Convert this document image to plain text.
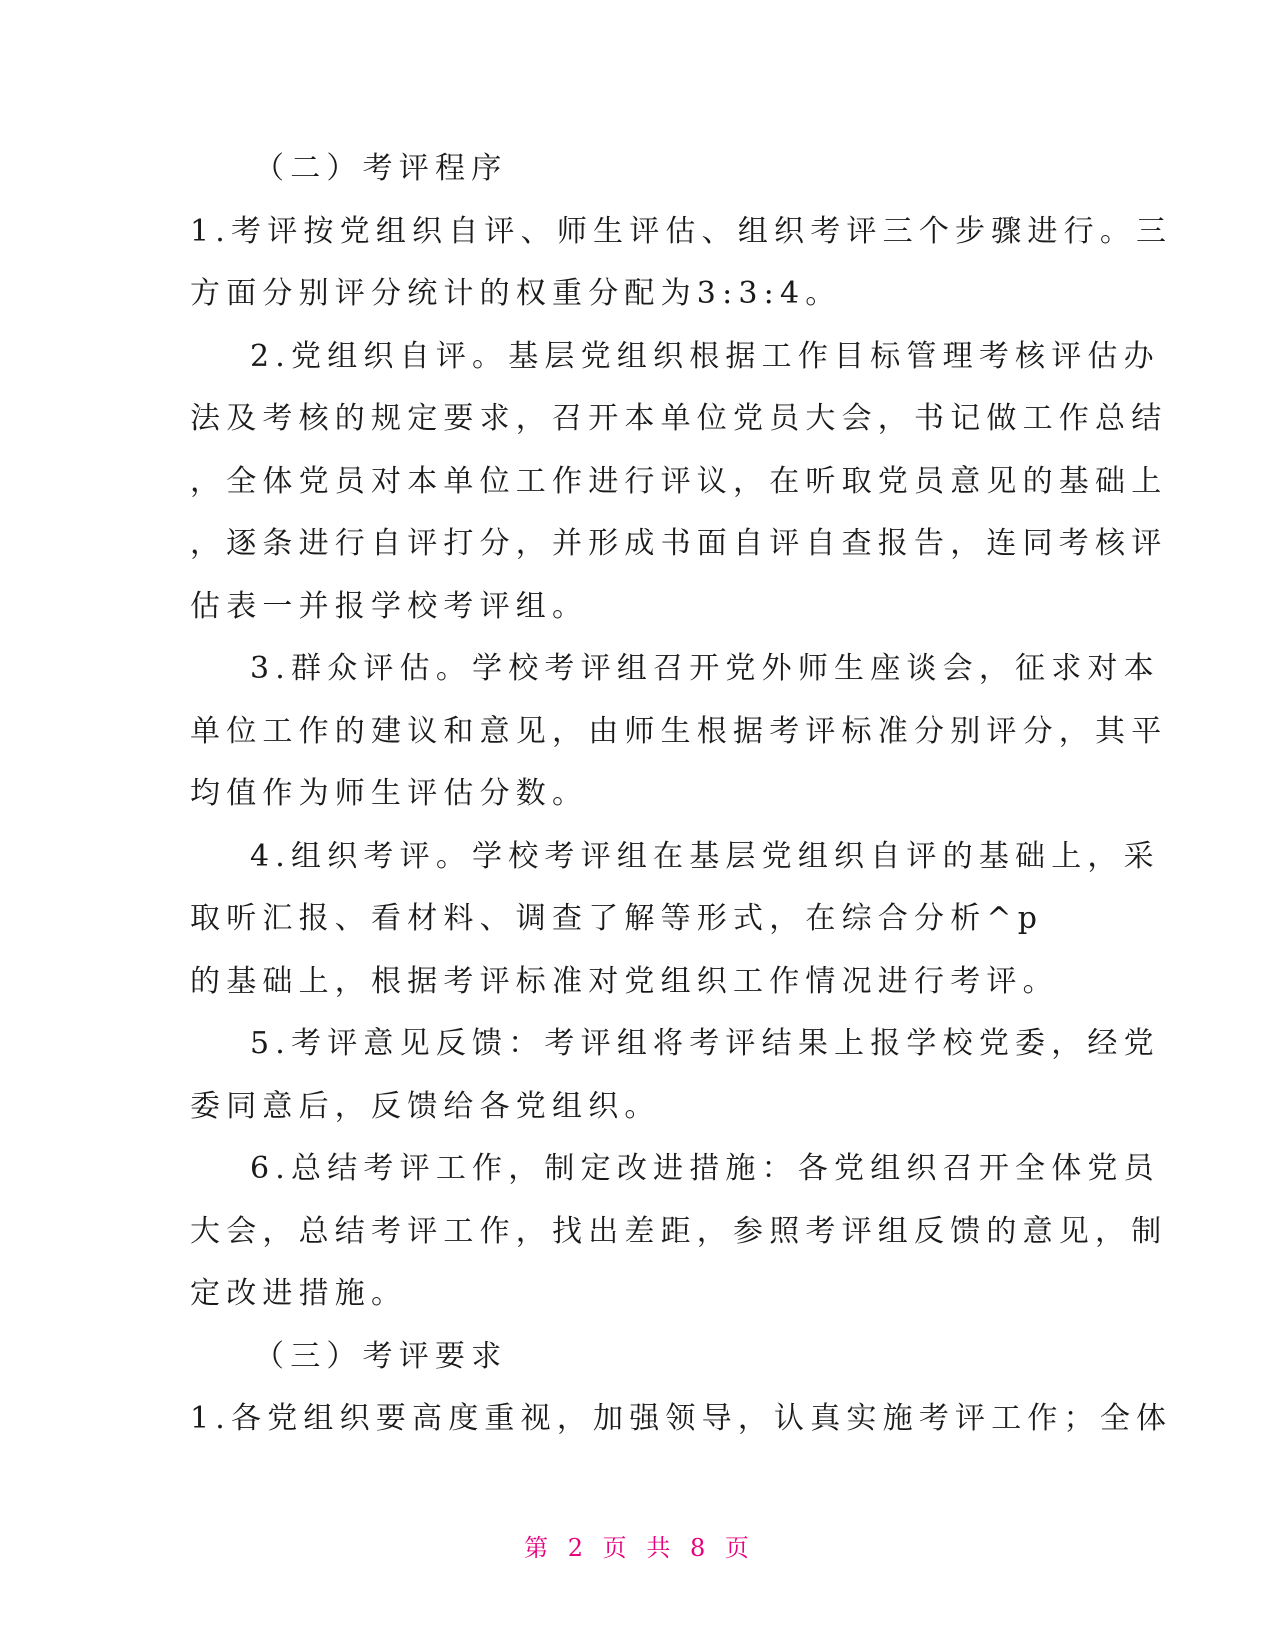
（二）考评程序
1.考评按党组织自评、师生评估、组织考评三个步骤进行。三
方面分别评分统计的权重分配为3:3:4。
2.党组织自评。基层党组织根据工作目标管理考核评估办
法及考核的规定要求，召开本单位党员大会，书记做工作总结
，全体党员对本单位工作进行评议，在听取党员意见的基础上
，逐条进行自评打分，并形成书面自评自查报告，连同考核评
估表一并报学校考评组。
3.群众评估。学校考评组召开党外师生座谈会，征求对本
单位工作的建议和意见，由师生根据考评标准分别评分，其平
均值作为师生评估分数。
4.组织考评。学校考评组在基层党组织自评的基础上，采
取听汇报、看材料、调查了解等形式，在综合分析^p
的基础上，根据考评标准对党组织工作情况进行考评。
5.考评意见反馈：考评组将考评结果上报学校党委，经党
委同意后，反馈给各党组织。
6.总结考评工作，制定改进措施：各党组织召开全体党员
大会，总结考评工作，找出差距，参照考评组反馈的意见，制
定改进措施。
（三）考评要求
1.各党组织要高度重视，加强领导，认真实施考评工作；全体
第 2 页 共 8 页
